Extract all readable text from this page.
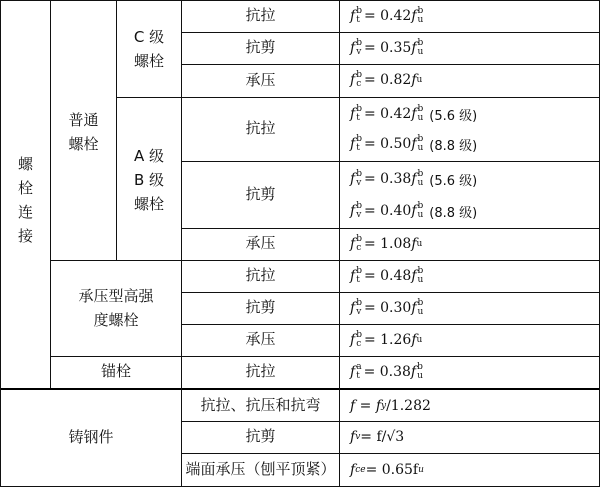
螺
栓
连
接
普通
螺栓
C 级
螺栓
A 级
B 级
螺栓
承压型高强
度螺栓
锚栓
铸钢件
抗拉
抗剪
承压
抗拉
抗剪
承压
抗拉
抗剪
承压
抗拉
抗拉、抗压和抗弯
抗剪
端面承压（刨平顶紧）
f b
t = 0.42 f b
u
f b
v = 0.35 f b
u
f b
c = 0.82 f u
f b
t = 0.42 f b
u (5.6 级)
f b
t = 0.50 f b
u (8.8 级)
f b
v = 0.38 f b
u (5.6 级)
f b
v = 0.40 f b
u (8.8 级)
f b
c = 1.08 f u
f b
t = 0.48 f b
u
f b
v = 0.30 f b
u
f b
c = 1.26 f u
f a
t = 0.38 f b
u
f = f y /1.282
f v = f/√3
f ce = 0.65f u
